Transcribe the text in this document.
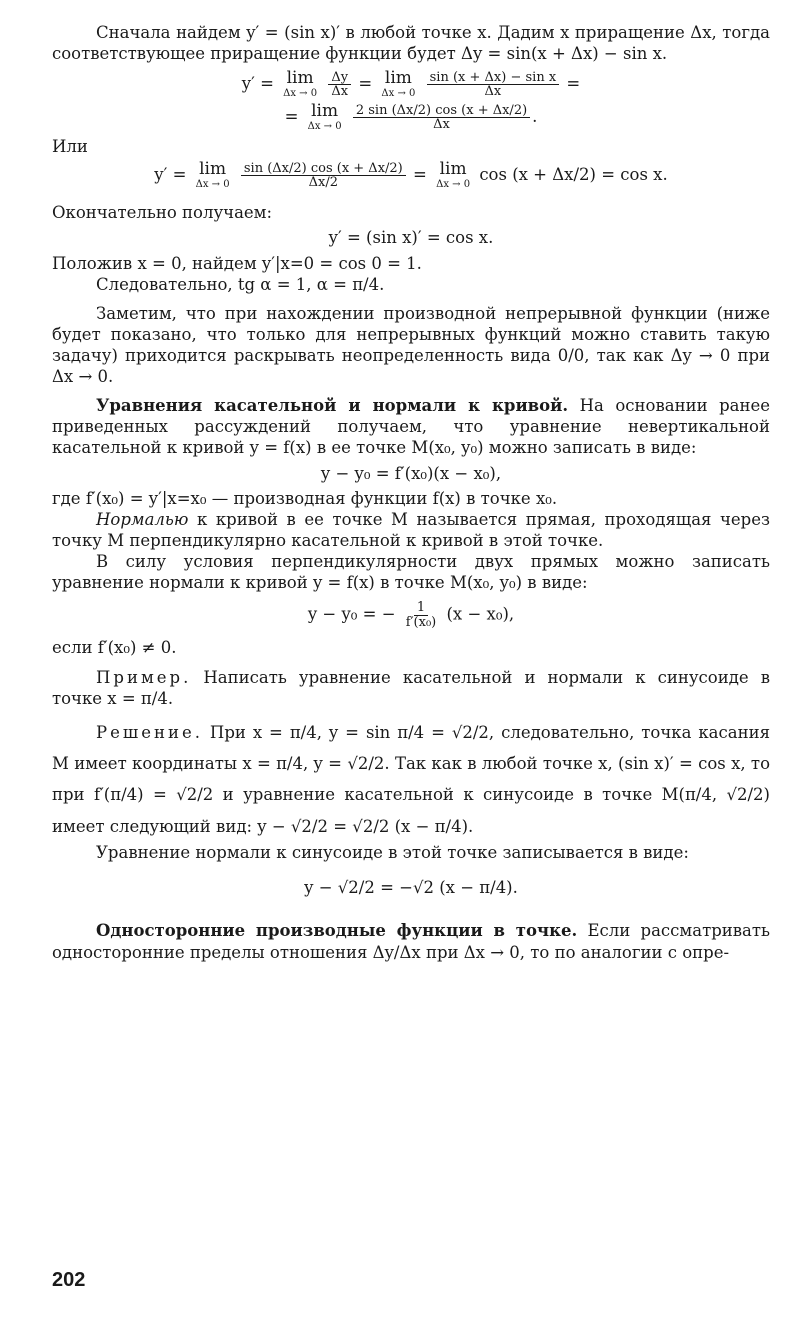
Сначала найдем y′ = (sin x)′ в любой точке x. Дадим x приращение Δx, тогда соответствующее приращение функции будет Δy = sin(x + Δx) − sin x.

y′ = lim
Δx → 0
$\frac{\Delta y}{\Delta x} = \lim$
Δx → 0
$\frac{\text{sin (x + Δx) − sin x}}{\Delta x}$ =
= lim
Δx → 0
$\frac{2 \sin (\Delta x/2) \cos (x + \Delta x/2)}{\Delta x}$ .

Или

y′ = lim
Δx → 0
$\frac{\sin (\Delta x/2) \cos (x + \Delta x/2)}{\Delta x/2} = \lim$
Δx → 0
cos (x + Δx/2) = cos x.

Окончательно получаем:

y′ = (sin x)′ = cos x.

Положив x = 0, найдем y′|x=0 = cos 0 = 1.

Следовательно, tg α = 1, α = π/4.

Заметим, что при нахождении производной непрерывной функции (ниже будет показано, что только для непрерывных функций можно ставить такую задачу) приходится раскрывать неопределенность вида 0/0, так как Δy → 0 при Δx → 0.

Уравнения касательной и нормали к кривой. На основании ранее приведенных рассуждений получаем, что уравнение невертикальной касательной к кривой y = f(x) в ее точке M(x₀, y₀) можно записать в виде:

y − y₀ = f′(x₀)(x − x₀),

где f′(x₀) = y′|x=x₀ — производная функции f(x) в точке x₀.

Нормалью к кривой в ее точке M называется прямая, проходящая через точку M перпендикулярно касательной к кривой в этой точке.

В силу условия перпендикулярности двух прямых можно записать уравнение нормали к кривой y = f(x) в точке M(x₀, y₀) в виде:

y − y₀ = − $\frac{1}{\text{f′(x₀)}} (x - x_0)$,

если f′(x₀) ≠ 0.

Пример. Написать уравнение касательной и нормали к синусоиде в точке x = π/4.

Решение. При x = π/4, y = sin π/4 = √2/2, следовательно, точка касания M имеет координаты x = π/4, y = √2/2. Так как в любой точке x, (sin x)′ = cos x, то при f′(π/4) = √2/2 и уравнение касательной к синусоиде в точке M(π/4, √2/2) имеет следующий вид: y − √2/2 = √2/2 (x − π/4).

Уравнение нормали к синусоиде в этой точке записывается в виде:

y − √2/2 = −√2 (x − π/4).

Односторонние производные функции в точке. Если рассматривать односторонние пределы отношения Δy/Δx при Δx → 0, то по аналогии с опре-

202
